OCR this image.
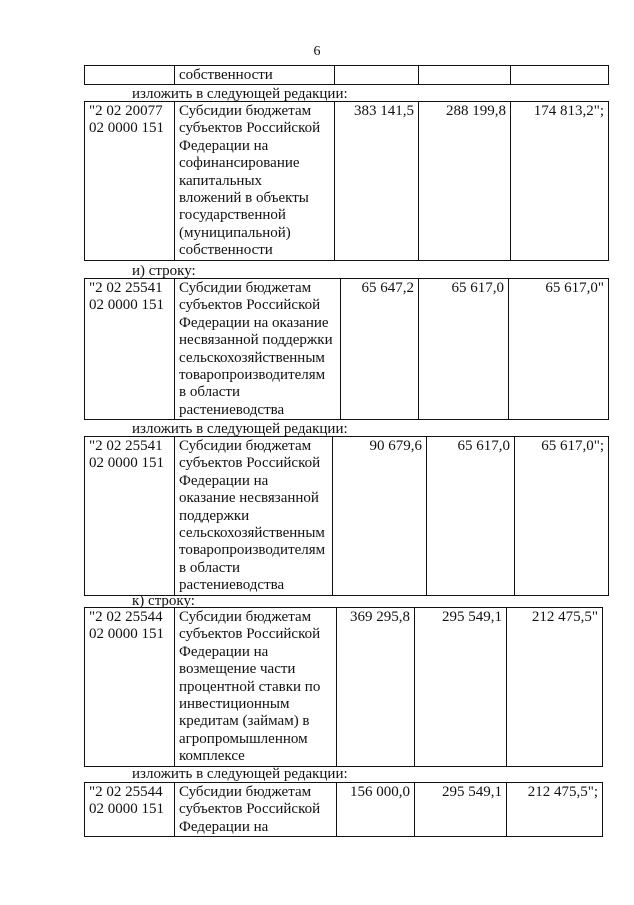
6

собственности

изложить в следующей редакции:
"2 02 20077
02 0000 151

Субсидии бюджетам
субъектов Российской
Федерации на
софинансирование
капитальных
вложений в объекты
государственной
(муниципальной)
собственности
	383 141,5	288 199,8	174 813,2";
и) строку:
"2 02 25541
02 0000 151

Субсидии бюджетам
субъектов Российской
Федерации на оказание
несвязанной поддержки
сельскохозяйственным
товаропроизводителям
в области
растениеводства
	65 647,2	65 617,0	65 617,0"
изложить в следующей редакции:
"2 02 25541
02 0000 151

Субсидии бюджетам
субъектов Российской
Федерации на
оказание несвязанной
поддержки
сельскохозяйственным
товаропроизводителям
в области
растениеводства
	90 679,6	65 617,0	65 617,0";
к) строку:
"2 02 25544
02 0000 151

Субсидии бюджетам
субъектов Российской
Федерации на
возмещение части
процентной ставки по
инвестиционным
кредитам (займам) в
агропромышленном
комплексе
	369 295,8	295 549,1	212 475,5"
изложить в следующей редакции:
"2 02 25544
02 0000 151

Субсидии бюджетам
субъектов Российской
Федерации на
	156 000,0	295 549,1	212 475,5";
